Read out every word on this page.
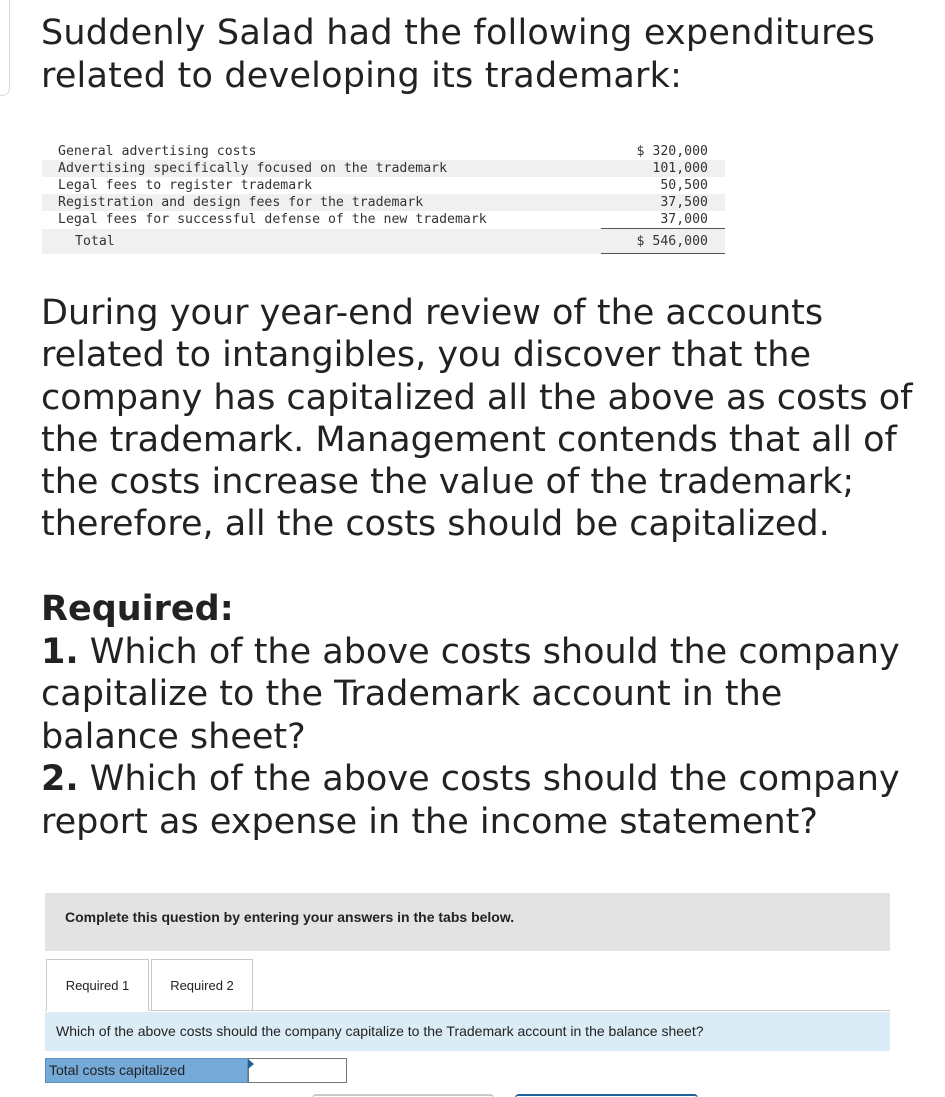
Suddenly Salad had the following expenditures related to developing its trademark:

General advertising costs		$ 320,000
Advertising specifically focused on the trademark		101,000
Legal fees to register trademark		50,500
Registration and design fees for the trademark		37,500
Legal fees for successful defense of the new trademark		37,000
Total		$ 546,000

During your year-end review of the accounts related to intangibles, you discover that the company has capitalized all the above as costs of the trademark. Management contends that all of the costs increase the value of the trademark; therefore, all the costs should be capitalized.

Required:
1. Which of the above costs should the company capitalize to the Trademark account in the balance sheet?
2. Which of the above costs should the company report as expense in the income statement?
Complete this question by entering your answers in the tabs below.
Required 1	Required 2
Which of the above costs should the company capitalize to the Trademark account in the balance sheet?
Total costs capitalized
